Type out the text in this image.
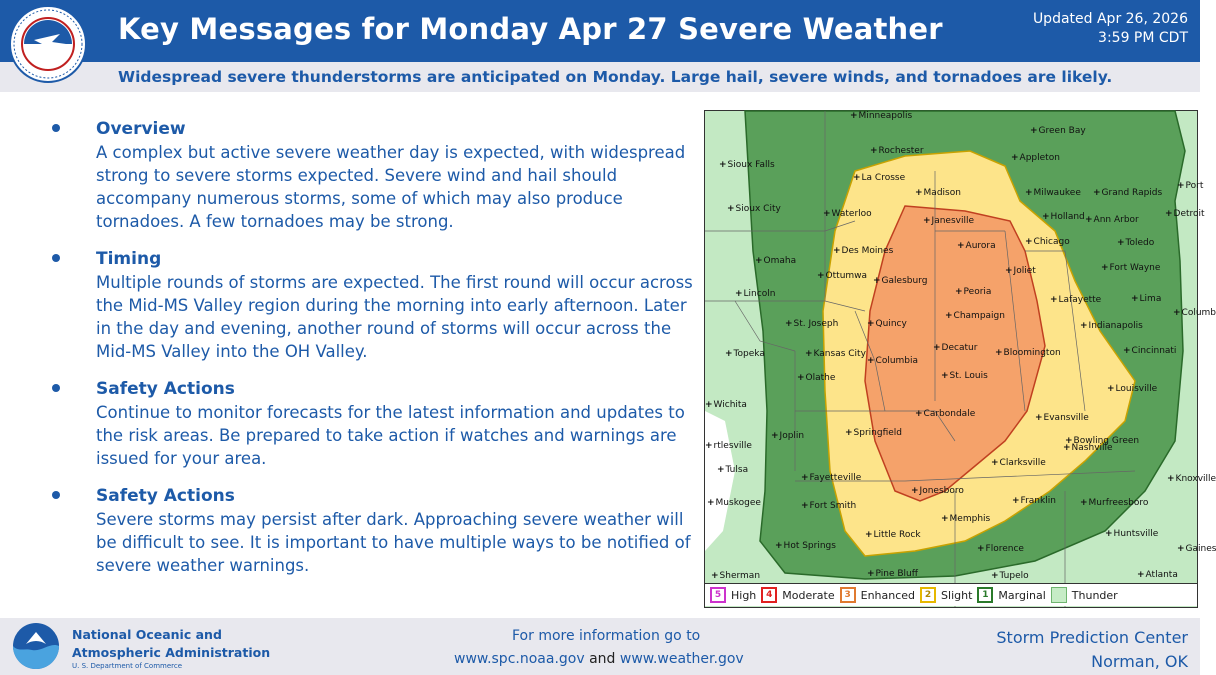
Key Messages for Monday Apr 27 Severe Weather	Updated Apr 26, 2026
3:59 PM CDT
Widespread severe thunderstorms are anticipated on Monday. Large hail, severe winds, and tornadoes are likely.
Overview
A complex but active severe weather day is expected, with widespread strong to severe storms expected. Severe wind and hail should accompany numerous storms, some of which may also produce tornadoes. A few tornadoes may be strong.
Timing
Multiple rounds of storms are expected. The first round will occur across the Mid-MS Valley region during the morning into early afternoon. Later in the day and evening, another round of storms will occur across the Mid-MS Valley into the OH Valley.
Safety Actions
Continue to monitor forecasts for the latest information and updates to the risk areas. Be prepared to take action if watches and warnings are issued for your area.
Safety Actions
Severe storms may persist after dark. Approaching severe weather will be difficult to see. It is important to have multiple ways to be notified of severe weather warnings.
+ Minneapolis
+ Green Bay
+ Rochester
+ Appleton
+ Sioux Falls
+ La Crosse
+ Madison	+ Milwaukee	+ Grand Rapids
+ Port
+ Sioux City	+ Waterloo
+ Janesville	+ Holland + Ann Arbor
+ Detroit
+ Aurora	+ Chicago	+ Toledo
+ Des Moines
+ Joliet
+ Omaha
+ Fort Wayne
+ Ottumwa	+ Galesburg
+ Peoria
+ Lincoln
+ Lafayette	+ Lima
+ Champaign	+ Columb
+ St. Joseph	+ Quincy	+ Indianapolis
+ Kansas City
+ Decatur	+ Bloomington	+ Cincinnati
+ Topeka
+ Columbia
+ Olathe	+ St. Louis
+ Louisville
+ Wichita
+ Carbondale	+ Evansville
+ Joplin	+ Springfield
+ Bowling Green
+ rtlesville
+ Tulsa
+ Clarksville
+ Nashville
+ Knoxville
+ Fayetteville
+ Jonesboro
+ Muskogee	+ Fort Smith	+ Franklin	+ Murfreesboro
+ Memphis
+ Little Rock	+ Huntsville
+ Hot Springs	+ Florence	+ Gaines
+ Pine Bluff	+ Tupelo
+ Sherman	+ Atlanta
5 High	4 Moderate	3 Enhanced	2 Slight	1 Marginal Thunder
National Oceanic and
Atmospheric Administration
U. S. Department of Commerce
For more information go to
www.spc.noaa.gov and www.weather.gov
Storm Prediction Center
Norman, OK
